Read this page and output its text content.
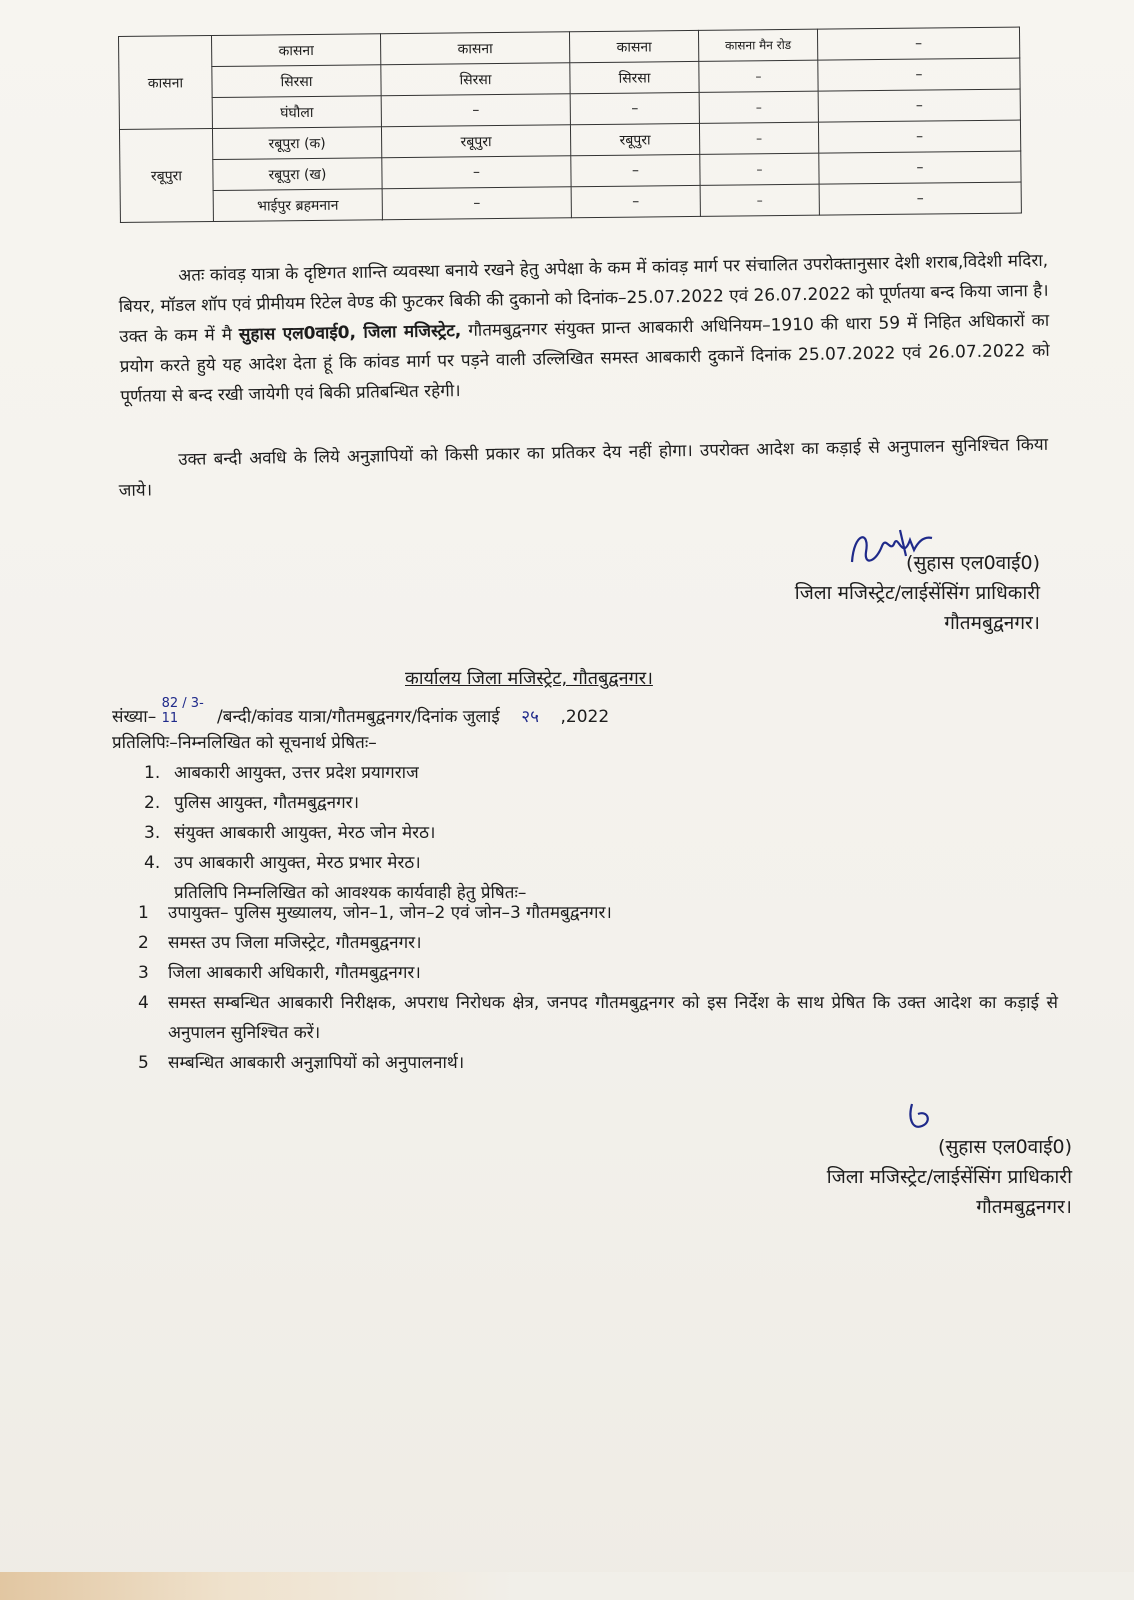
कासना	कासना	कासना	कासना	कासना मैन रोड	–
	सिरसा	सिरसा	सिरसा	–	–
	घंघौला	–	–	–	–
रबूपुरा	रबूपुरा (क)	रबूपुरा	रबूपुरा	–	–
	रबूपुरा (ख)	–	–	–	–
	भाईपुर ब्रहमनान	–	–	–	–
अतः कांवड़ यात्रा के दृष्टिगत शान्ति व्यवस्था बनाये रखने हेतु अपेक्षा के कम में कांवड़ मार्ग पर संचालित उपरोक्तानुसार देशी शराब,विदेशी मदिरा, बियर, मॉडल शॉप एवं प्रीमीयम रिटेल वेण्ड की फुटकर बिकी की दुकानो को दिनांक–25.07.2022 एवं 26.07.2022 को पूर्णतया बन्द किया जाना है। उक्त के कम में मै सुहास एल0वाई0, जिला मजिस्ट्रेट, गौतमबुद्वनगर संयुक्त प्रान्त आबकारी अधिनियम–1910 की धारा 59 में निहित अधिकारों का प्रयोग करते हुये यह आदेश देता हूं कि कांवड मार्ग पर पड़ने वाली उल्लिखित समस्त आबकारी दुकानें दिनांक 25.07.2022 एवं 26.07.2022 को पूर्णतया से बन्द रखी जायेगी एवं बिकी प्रतिबन्धित रहेगी।
उक्त बन्दी अवधि के लिये अनुज्ञापियों को किसी प्रकार का प्रतिकर देय नहीं होगा। उपरोक्त आदेश का कड़ाई से अनुपालन सुनिश्चित किया जाये।
(सुहास एल0वाई0)
जिला मजिस्ट्रेट/लाईसेंसिंग प्राधिकारी
गौतमबुद्वनगर।
कार्यालय जिला मजिस्ट्रेट, गौतबुद्वनगर।
संख्या– 82 / 3-11 /बन्दी/कांवड यात्रा/गौतमबुद्वनगर/दिनांक जुलाई २५ ,2022
प्रतिलिपिः–निम्नलिखित को सूचनार्थ प्रेषितः–
1. आबकारी आयुक्त, उत्तर प्रदेश प्रयागराज
2. पुलिस आयुक्त, गौतमबुद्वनगर।
3. संयुक्त आबकारी आयुक्त, मेरठ जोन मेरठ।
4. उप आबकारी आयुक्त, मेरठ प्रभार मेरठ।
प्रतिलिपि निम्नलिखित को आवश्यक कार्यवाही हेतु प्रेषितः–
1	उपायुक्त– पुलिस मुख्यालय, जोन–1, जोन–2 एवं जोन–3 गौतमबुद्वनगर।
2	समस्त उप जिला मजिस्ट्रेट, गौतमबुद्वनगर।
3	जिला आबकारी अधिकारी, गौतमबुद्वनगर।
4	समस्त सम्बन्धित आबकारी निरीक्षक, अपराध निरोधक क्षेत्र, जनपद गौतमबुद्वनगर को इस निर्देश के साथ प्रेषित कि उक्त आदेश का कड़ाई से अनुपालन सुनिश्चित करें।
5	सम्बन्धित आबकारी अनुज्ञापियों को अनुपालनार्थ।
(सुहास एल0वाई0)
जिला मजिस्ट्रेट/लाईसेंसिंग प्राधिकारी
गौतमबुद्वनगर।
